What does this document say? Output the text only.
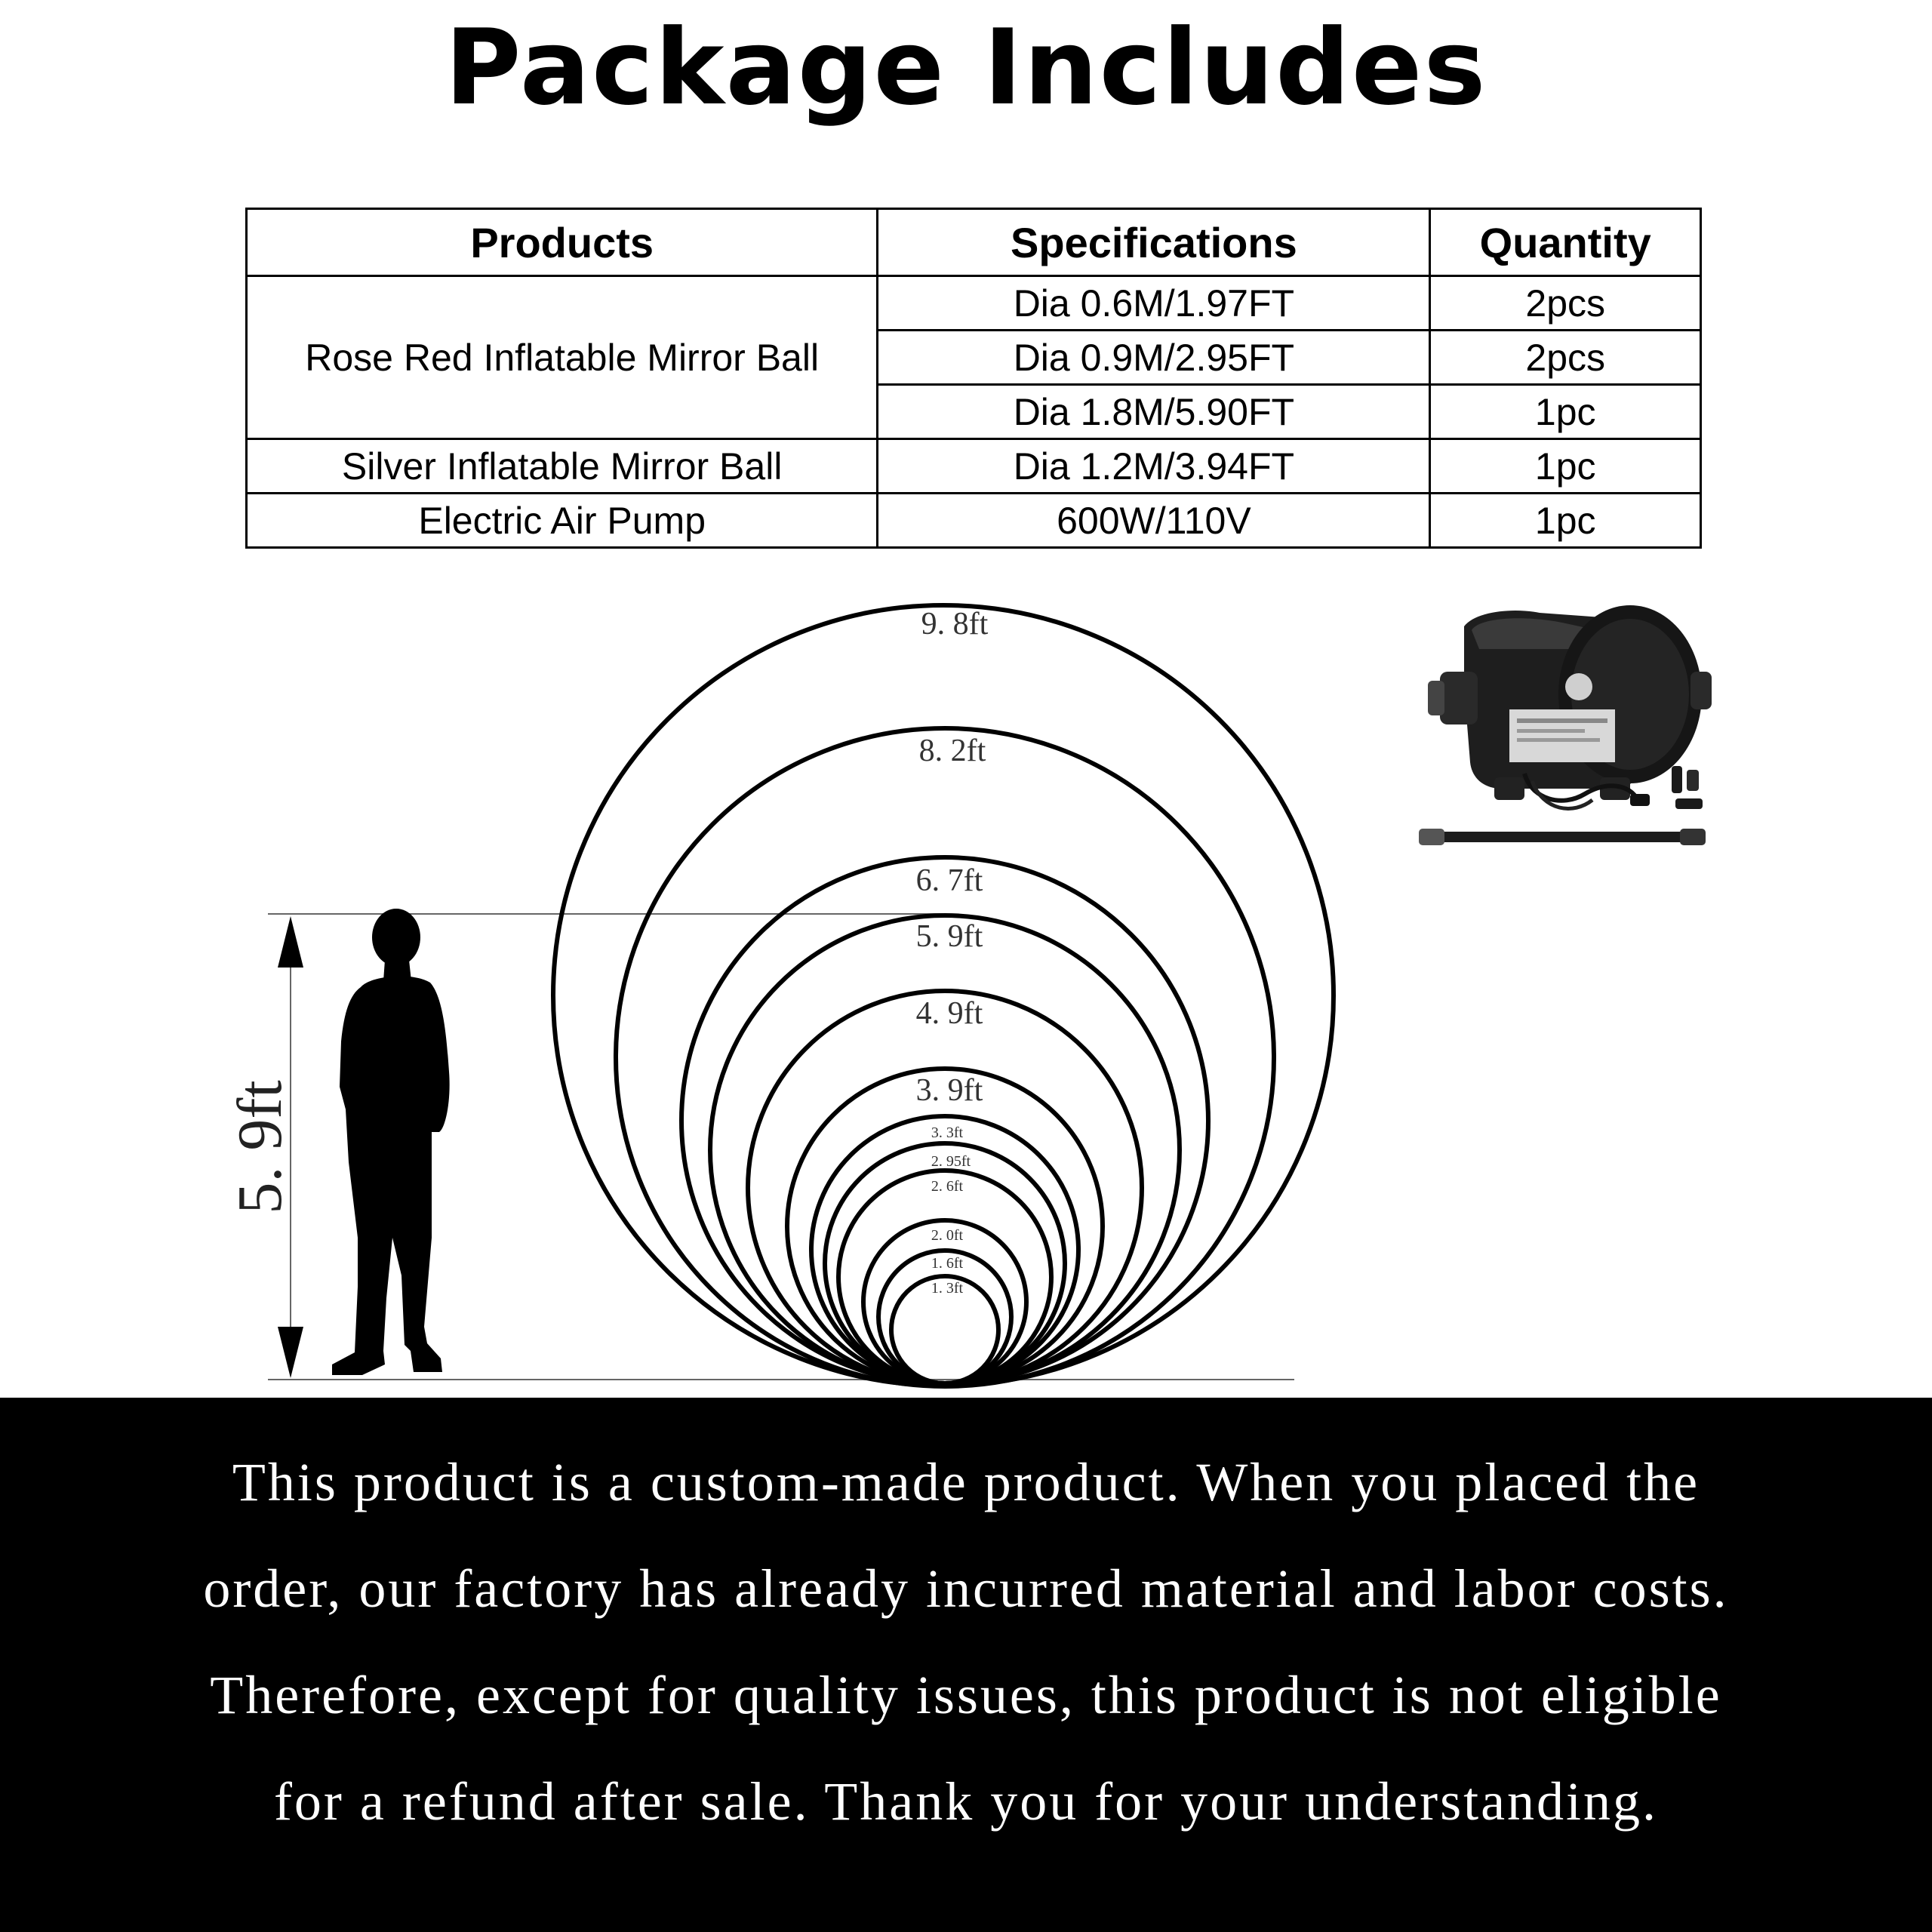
Package Includes
Products	Specifications	Quantity
Rose Red Inflatable Mirror Ball	Dia 0.6M/1.97FT	2pcs
	Dia 0.9M/2.95FT	2pcs
	Dia 1.8M/5.90FT	1pc
Silver Inflatable Mirror Ball	Dia 1.2M/3.94FT	1pc
Electric Air Pump	600W/110V	1pc
5. 9ft
9. 8ft
8. 2ft
6. 7ft
5. 9ft
4. 9ft
3. 9ft
3. 3ft
2. 95ft
2. 6ft
2. 0ft
1. 6ft
1. 3ft
This product is a custom-made product. When you placed the
order, our factory has already incurred material and labor costs.
Therefore, except for quality issues, this product is not eligible
for a refund after sale. Thank you for your understanding.
